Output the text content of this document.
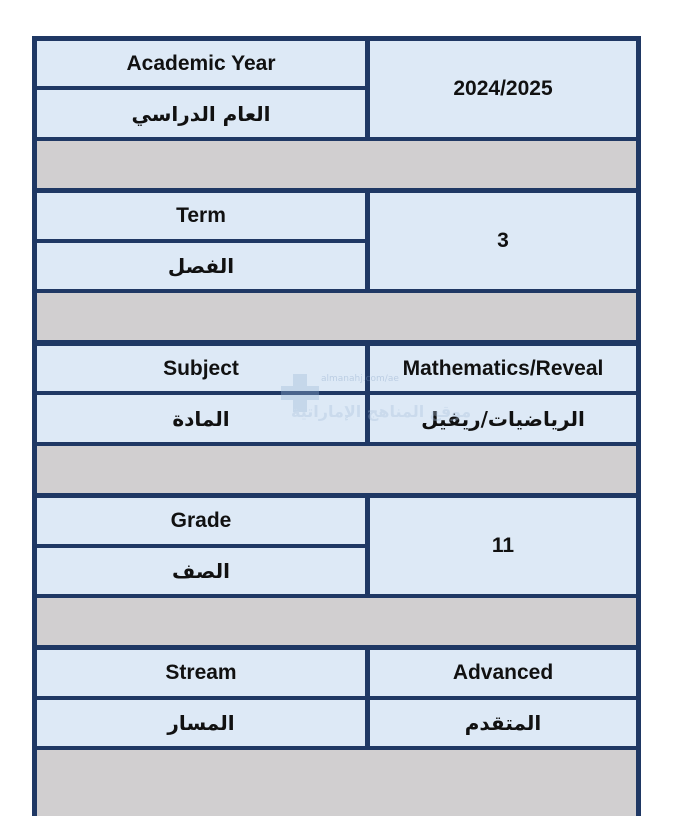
Academic Year
العام الدراسي
2024/2025
Term
الفصل
3
Subject
المادة
Mathematics/Reveal
الرياضيات/ريفيل
Grade
الصف
11
Stream
المسار
Advanced
المتقدم
almanahj.com/ae
موقع المناهج الإماراتية
